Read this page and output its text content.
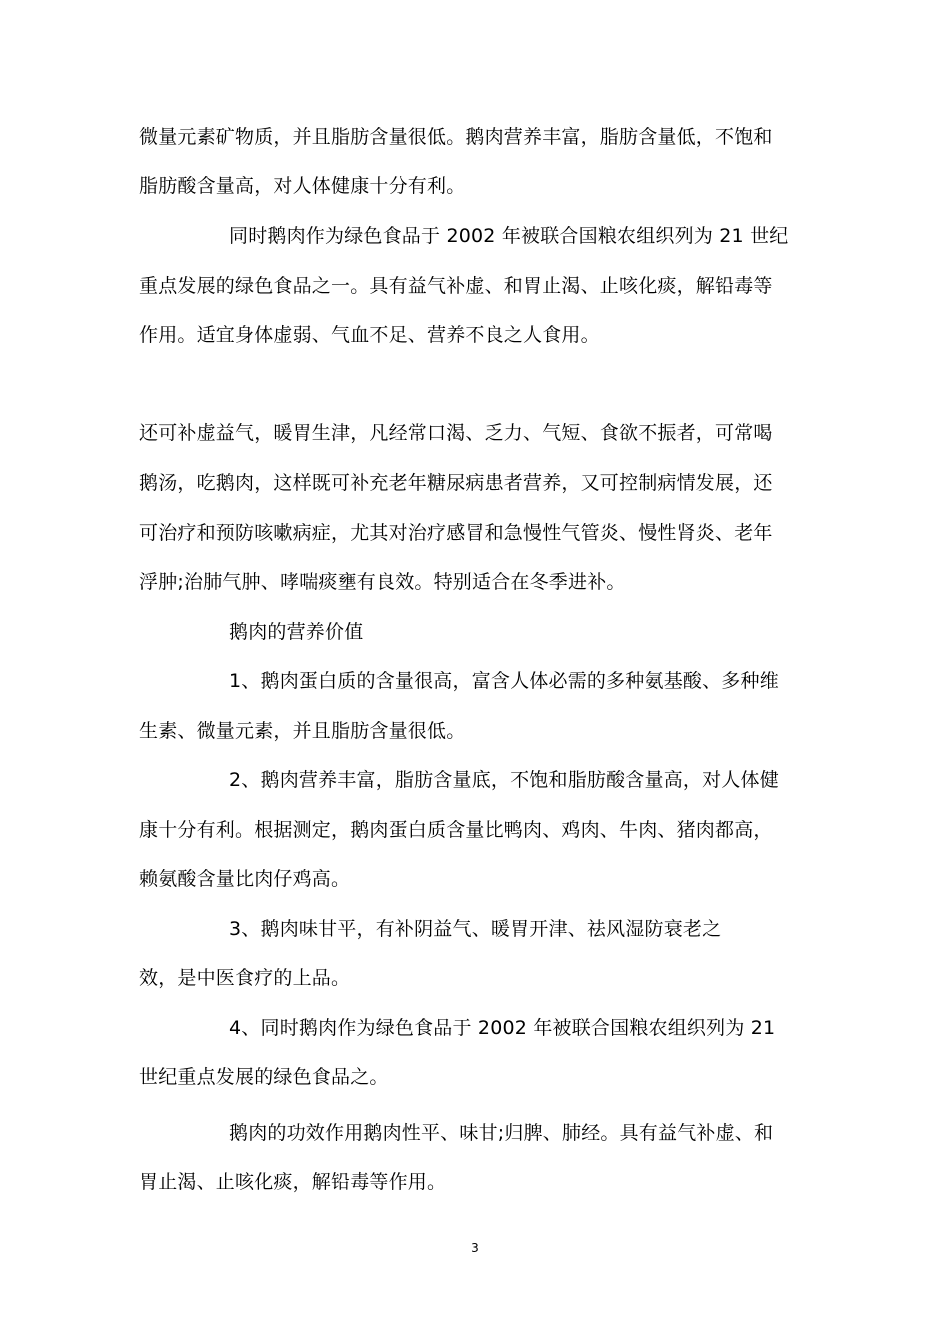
微量元素矿物质，并且脂肪含量很低。鹅肉营养丰富，脂肪含量低，不饱和
脂肪酸含量高，对人体健康十分有利。
同时鹅肉作为绿色食品于 2002 年被联合国粮农组织列为 21 世纪
重点发展的绿色食品之一。具有益气补虚、和胃止渴、止咳化痰，解铅毒等
作用。适宜身体虚弱、气血不足、营养不良之人食用。
还可补虚益气，暖胃生津，凡经常口渴、乏力、气短、食欲不振者，可常喝
鹅汤，吃鹅肉，这样既可补充老年糖尿病患者营养，又可控制病情发展，还
可治疗和预防咳嗽病症，尤其对治疗感冒和急慢性气管炎、慢性肾炎、老年
浮肿;治肺气肿、哮喘痰壅有良效。特别适合在冬季进补。
鹅肉的营养价值
1、鹅肉蛋白质的含量很高，富含人体必需的多种氨基酸、多种维
生素、微量元素，并且脂肪含量很低。
2、鹅肉营养丰富，脂肪含量底，不饱和脂肪酸含量高，对人体健
康十分有利。根据测定，鹅肉蛋白质含量比鸭肉、鸡肉、牛肉、猪肉都高，
赖氨酸含量比肉仔鸡高。
3、鹅肉味甘平，有补阴益气、暖胃开津、祛风湿防衰老之
效，是中医食疗的上品。
4、同时鹅肉作为绿色食品于 2002 年被联合国粮农组织列为 21
世纪重点发展的绿色食品之。
鹅肉的功效作用鹅肉性平、味甘;归脾、肺经。具有益气补虚、和
胃止渴、止咳化痰，解铅毒等作用。
3
